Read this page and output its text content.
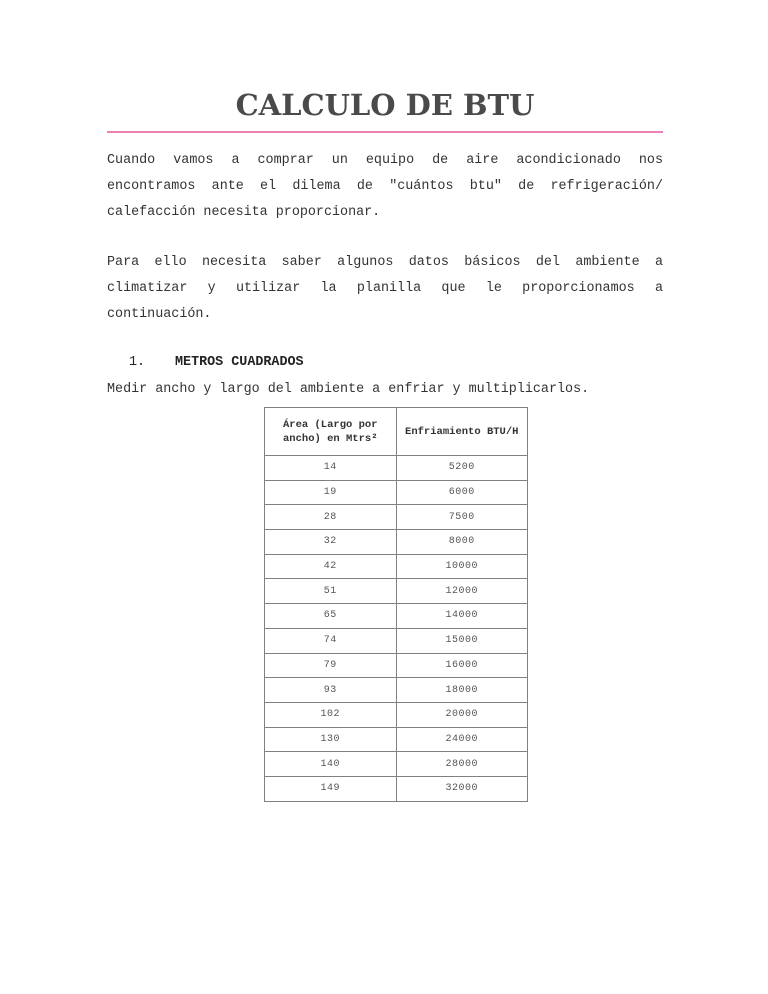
CALCULO DE BTU

Cuando vamos a comprar un equipo de aire acondicionado nos encontramos ante el dilema de "cuántos btu" de refrigeración/ calefacción necesita proporcionar.

Para ello necesita saber algunos datos básicos del ambiente a climatizar y utilizar la planilla que le proporcionamos a continuación.

1. METROS CUADRADOS

Medir ancho y largo del ambiente a enfriar y multiplicarlos.

Área (Largo por ancho) en Mtrs²	Enfriamiento BTU/H
14	5200
19	6000
28	7500
32	8000
42	10000
51	12000
65	14000
74	15000
79	16000
93	18000
102	20000
130	24000
140	28000
149	32000
